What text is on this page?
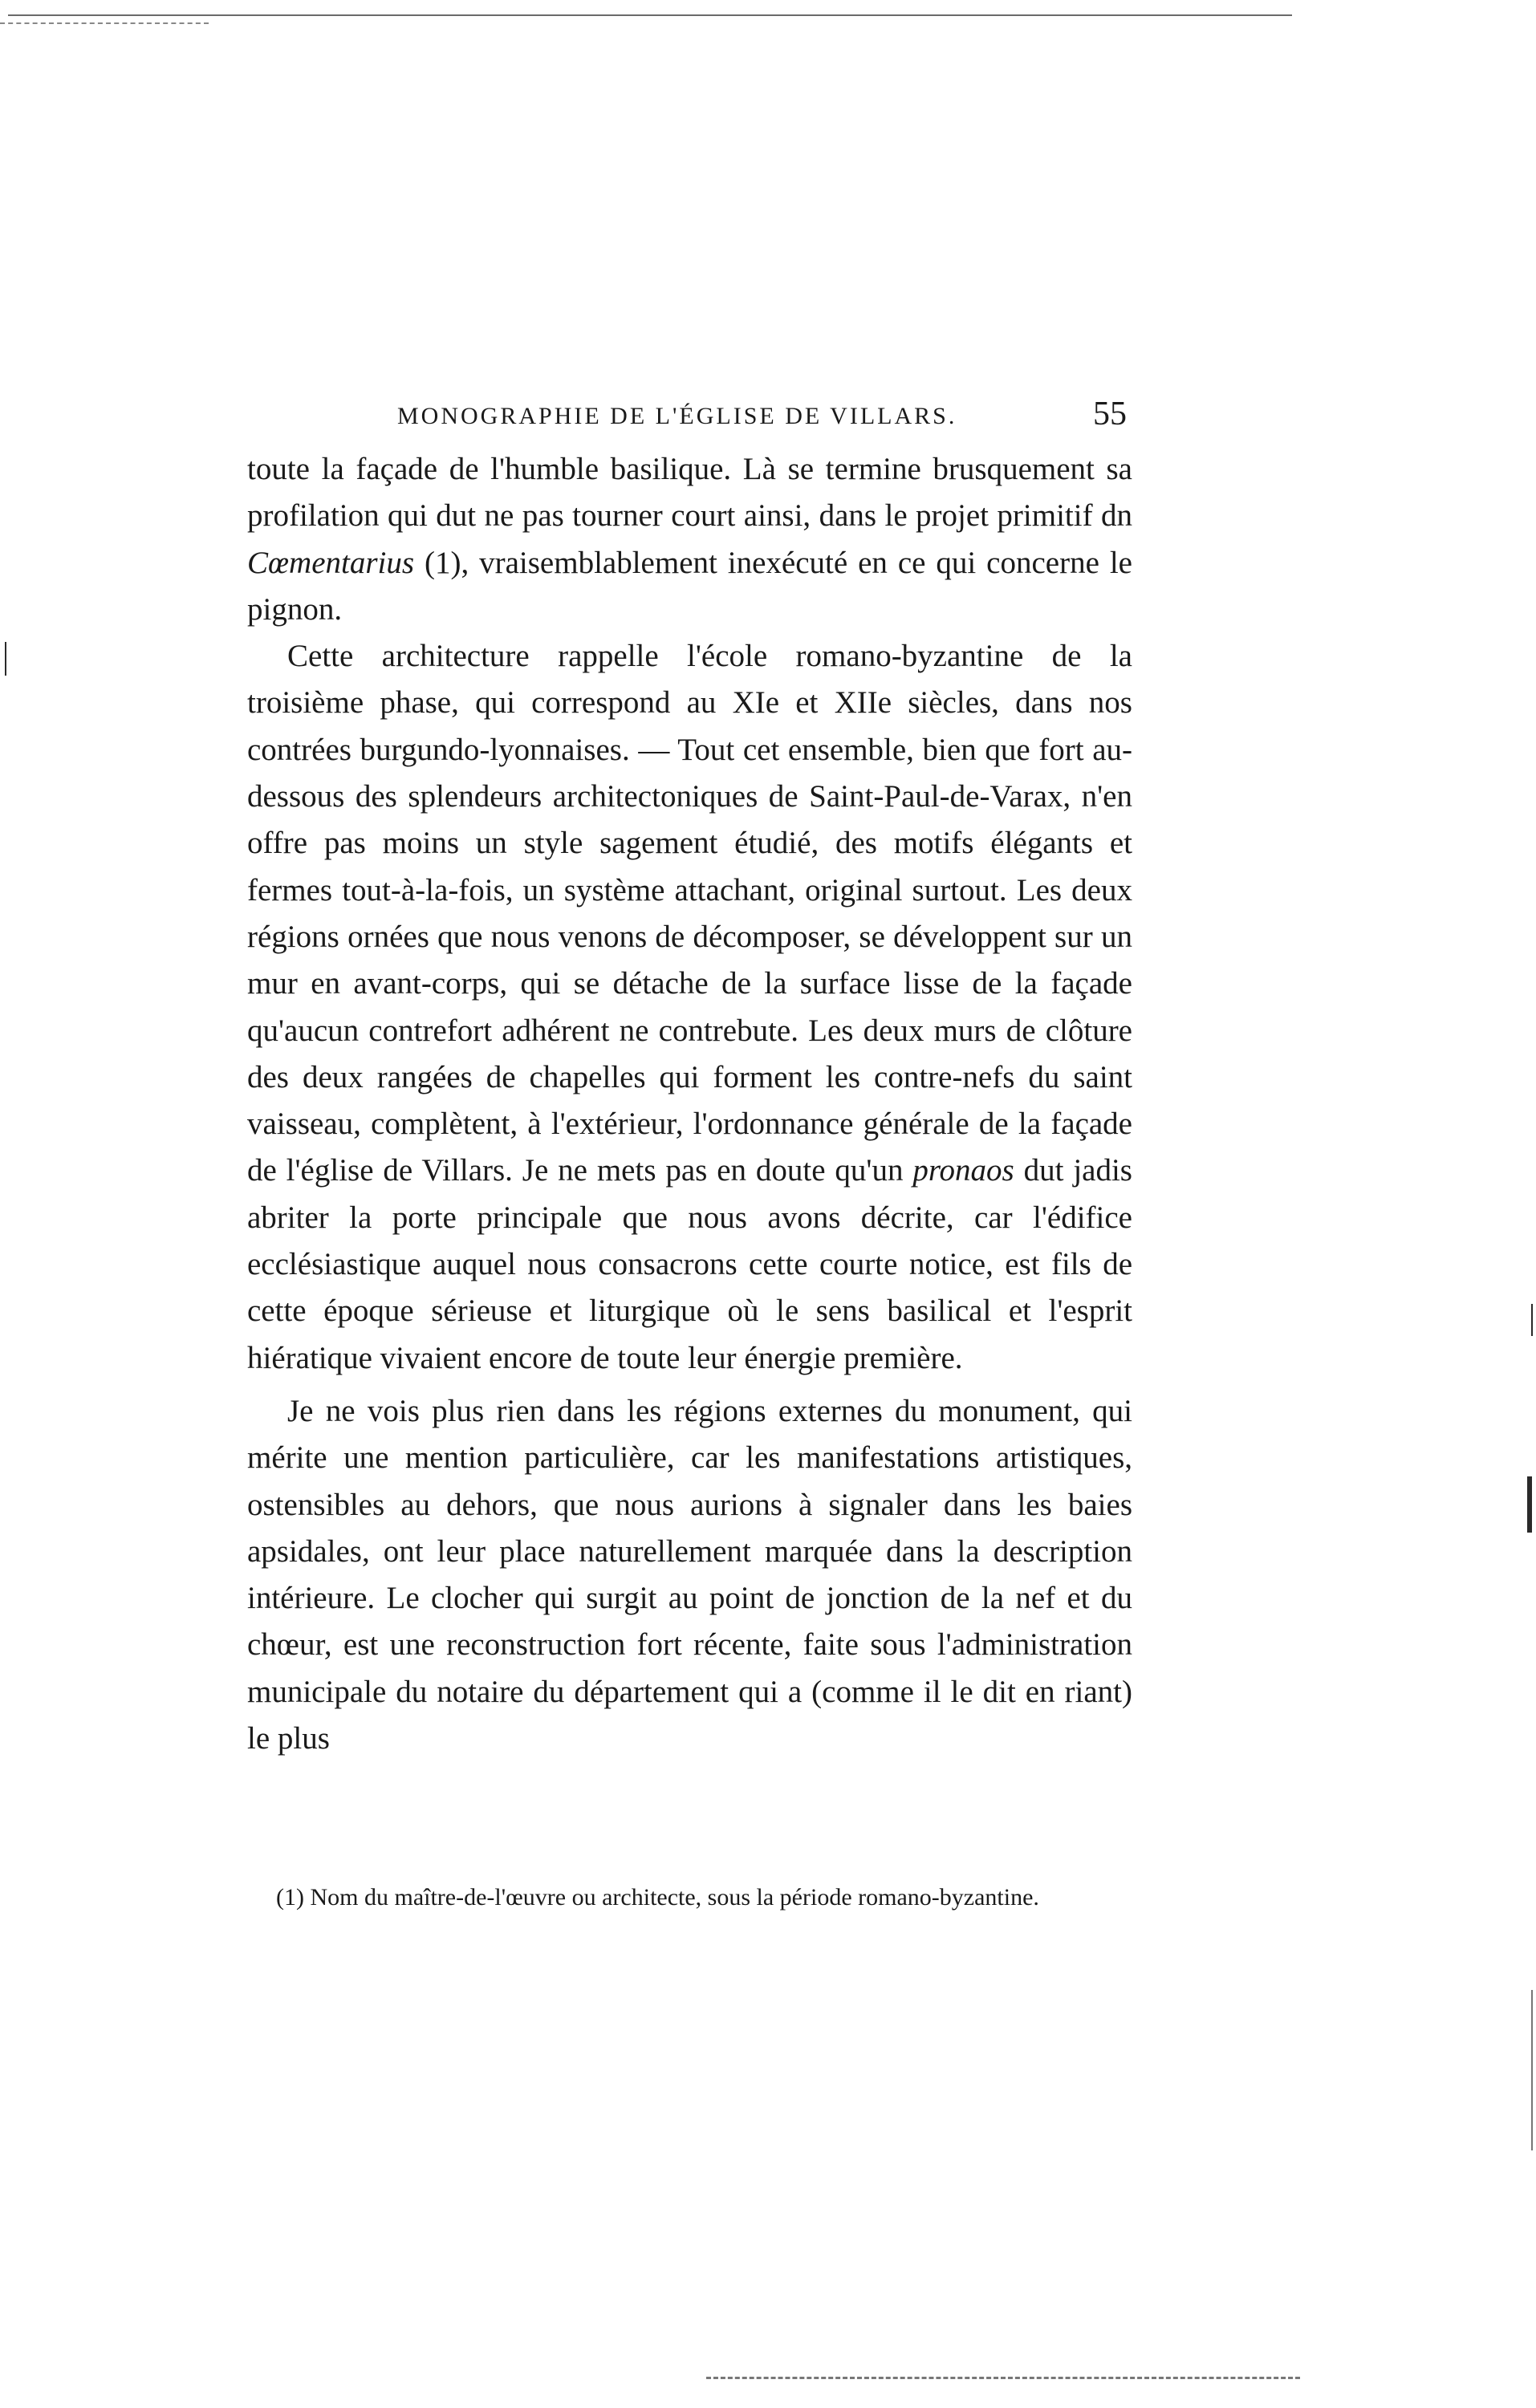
MONOGRAPHIE DE L'ÉGLISE DE VILLARS.	55

toute la façade de l'humble basilique. Là se termine brusquement sa profilation qui dut ne pas tourner court ainsi, dans le projet primitif dn Cœmentarius (1), vraisemblablement inexécuté en ce qui concerne le pignon.

Cette architecture rappelle l'école romano-byzantine de la troisième phase, qui correspond au XIe et XIIe siècles, dans nos contrées burgundo-lyonnaises. — Tout cet ensemble, bien que fort au-dessous des splendeurs architectoniques de Saint-Paul-de-Varax, n'en offre pas moins un style sagement étudié, des motifs élégants et fermes tout-à-la-fois, un système attachant, original surtout. Les deux régions ornées que nous venons de décomposer, se développent sur un mur en avant-corps, qui se détache de la surface lisse de la façade qu'aucun contrefort adhérent ne contrebute. Les deux murs de clôture des deux rangées de chapelles qui forment les contre-nefs du saint vaisseau, complètent, à l'extérieur, l'ordonnance générale de la façade de l'église de Villars. Je ne mets pas en doute qu'un pronaos dut jadis abriter la porte principale que nous avons décrite, car l'édifice ecclésiastique auquel nous consacrons cette courte notice, est fils de cette époque sérieuse et liturgique où le sens basilical et l'esprit hiératique vivaient encore de toute leur énergie première.

Je ne vois plus rien dans les régions externes du monument, qui mérite une mention particulière, car les manifestations artistiques, ostensibles au dehors, que nous aurions à signaler dans les baies apsidales, ont leur place naturellement marquée dans la description intérieure. Le clocher qui surgit au point de jonction de la nef et du chœur, est une reconstruction fort récente, faite sous l'administration municipale du notaire du département qui a (comme il le dit en riant) le plus

(1) Nom du maître-de-l'œuvre ou architecte, sous la période romano-byzantine.
